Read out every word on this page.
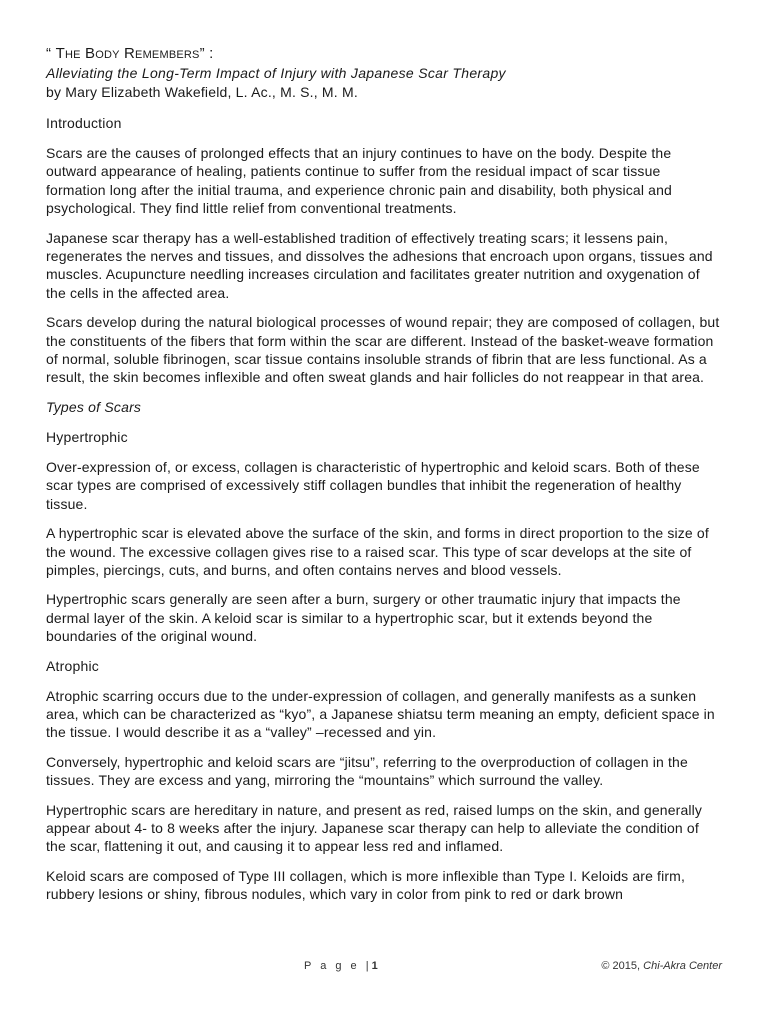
“ The Body Remembers” :
Alleviating the Long-Term Impact of Injury with Japanese Scar Therapy
by Mary Elizabeth Wakefield, L. Ac., M. S., M. M.
Introduction

Scars are the causes of prolonged effects that an injury continues to have on the body. Despite the outward appearance of healing, patients continue to suffer from the residual impact of scar tissue formation long after the initial trauma, and experience chronic pain and disability, both physical and psychological. They find little relief from conventional treatments.

Japanese scar therapy has a well-established tradition of effectively treating scars; it lessens pain, regenerates the nerves and tissues, and dissolves the adhesions that encroach upon organs, tissues and muscles. Acupuncture needling increases circulation and facilitates greater nutrition and oxygenation of the cells in the affected area.

Scars develop during the natural biological processes of wound repair; they are composed of collagen, but the constituents of the fibers that form within the scar are different. Instead of the basket-weave formation of normal, soluble fibrinogen, scar tissue contains insoluble strands of fibrin that are less functional. As a result, the skin becomes inflexible and often sweat glands and hair follicles do not reappear in that area.

Types of Scars
Hypertrophic

Over-expression of, or excess, collagen is characteristic of hypertrophic and keloid scars. Both of these scar types are comprised of excessively stiff collagen bundles that inhibit the regeneration of healthy tissue.

A hypertrophic scar is elevated above the surface of the skin, and forms in direct proportion to the size of the wound. The excessive collagen gives rise to a raised scar. This type of scar develops at the site of pimples, piercings, cuts, and burns, and often contains nerves and blood vessels.

Hypertrophic scars generally are seen after a burn, surgery or other traumatic injury that impacts the dermal layer of the skin. A keloid scar is similar to a hypertrophic scar, but it extends beyond the boundaries of the original wound.

Atrophic

Atrophic scarring occurs due to the under-expression of collagen, and generally manifests as a sunken area, which can be characterized as “kyo”, a Japanese shiatsu term meaning an empty, deficient space in the tissue. I would describe it as a “valley” –recessed and yin.

Conversely, hypertrophic and keloid scars are “jitsu”, referring to the overproduction of collagen in the tissues. They are excess and yang, mirroring the “mountains” which surround the valley.

Hypertrophic scars are hereditary in nature, and present as red, raised lumps on the skin, and generally appear about 4- to 8 weeks after the injury. Japanese scar therapy can help to alleviate the condition of the scar, flattening it out, and causing it to appear less red and inflamed.

Keloid scars are composed of Type III collagen, which is more inflexible than Type I. Keloids are firm, rubbery lesions or shiny, fibrous nodules, which vary in color from pink to red or dark brown

P a g e |1	© 2015, Chi-Akra Center
